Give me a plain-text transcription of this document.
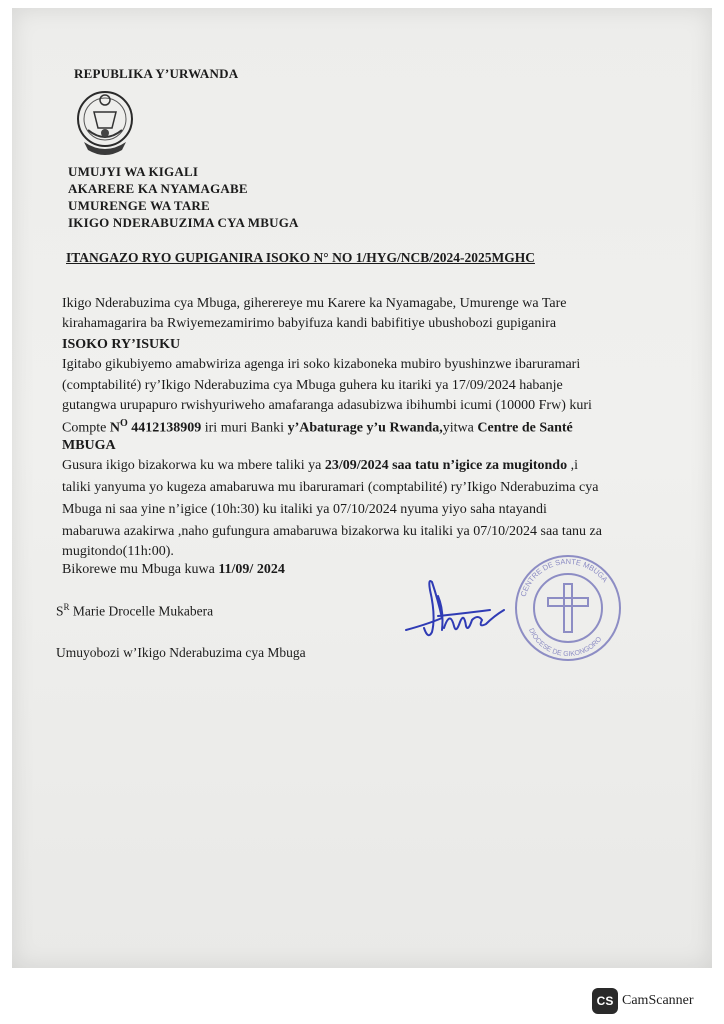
REPUBLIKA Y’URWANDA
UMUJYI WA KIGALI
AKARERE KA NYAMAGABE
UMURENGE WA TARE
IKIGO NDERABUZIMA CYA MBUGA
ITANGAZO RYO GUPIGANIRA ISOKO N° NO 1/HYG/NCB/2024-2025MGHC
Ikigo Nderabuzima cya Mbuga, giherereye mu Karere ka Nyamagabe, Umurenge wa Tare
kirahamagarira ba Rwiyemezamirimo babyifuza kandi babifitiye ubushobozi gupiganira
ISOKO RY’ISUKU
Igitabo gikubiyemo amabwiriza agenga iri soko kizaboneka mubiro byushinzwe ibaruramari
(comptabilité) ry’Ikigo Nderabuzima cya Mbuga guhera ku itariki ya 17/09/2024 habanje
gutangwa urupapuro rwishyuriweho amafaranga adasubizwa ibihumbi icumi (10000 Frw) kuri
Compte $N^O$ 4412138909 iri muri Banki y’Abaturage y’u Rwanda,yitwa Centre de Santé
MBUGA
Gusura ikigo bizakorwa ku wa mbere taliki ya 23/09/2024 saa tatu n’igice za mugitondo ,i
taliki yanyuma yo kugeza amabaruwa mu ibaruramari (comptabilité) ry’Ikigo Nderabuzima cya
Mbuga ni saa yine n’igice (10h:30) ku italiki ya 07/10/2024 nyuma yiyo saha ntayandi
mabaruwa azakirwa ,naho gufungura amabaruwa bizakorwa ku italiki ya 07/10/2024 saa tanu za
mugitondo(11h:00).
Bikorewe mu Mbuga kuwa 11/09/ 2024
$S^R$ Marie Drocelle Mukabera
Umuyobozi w’Ikigo Nderabuzima cya Mbuga
CENTRE DE SANTE MBUGA
DIOCESE DE GIKONGORO
CS CamScanner
